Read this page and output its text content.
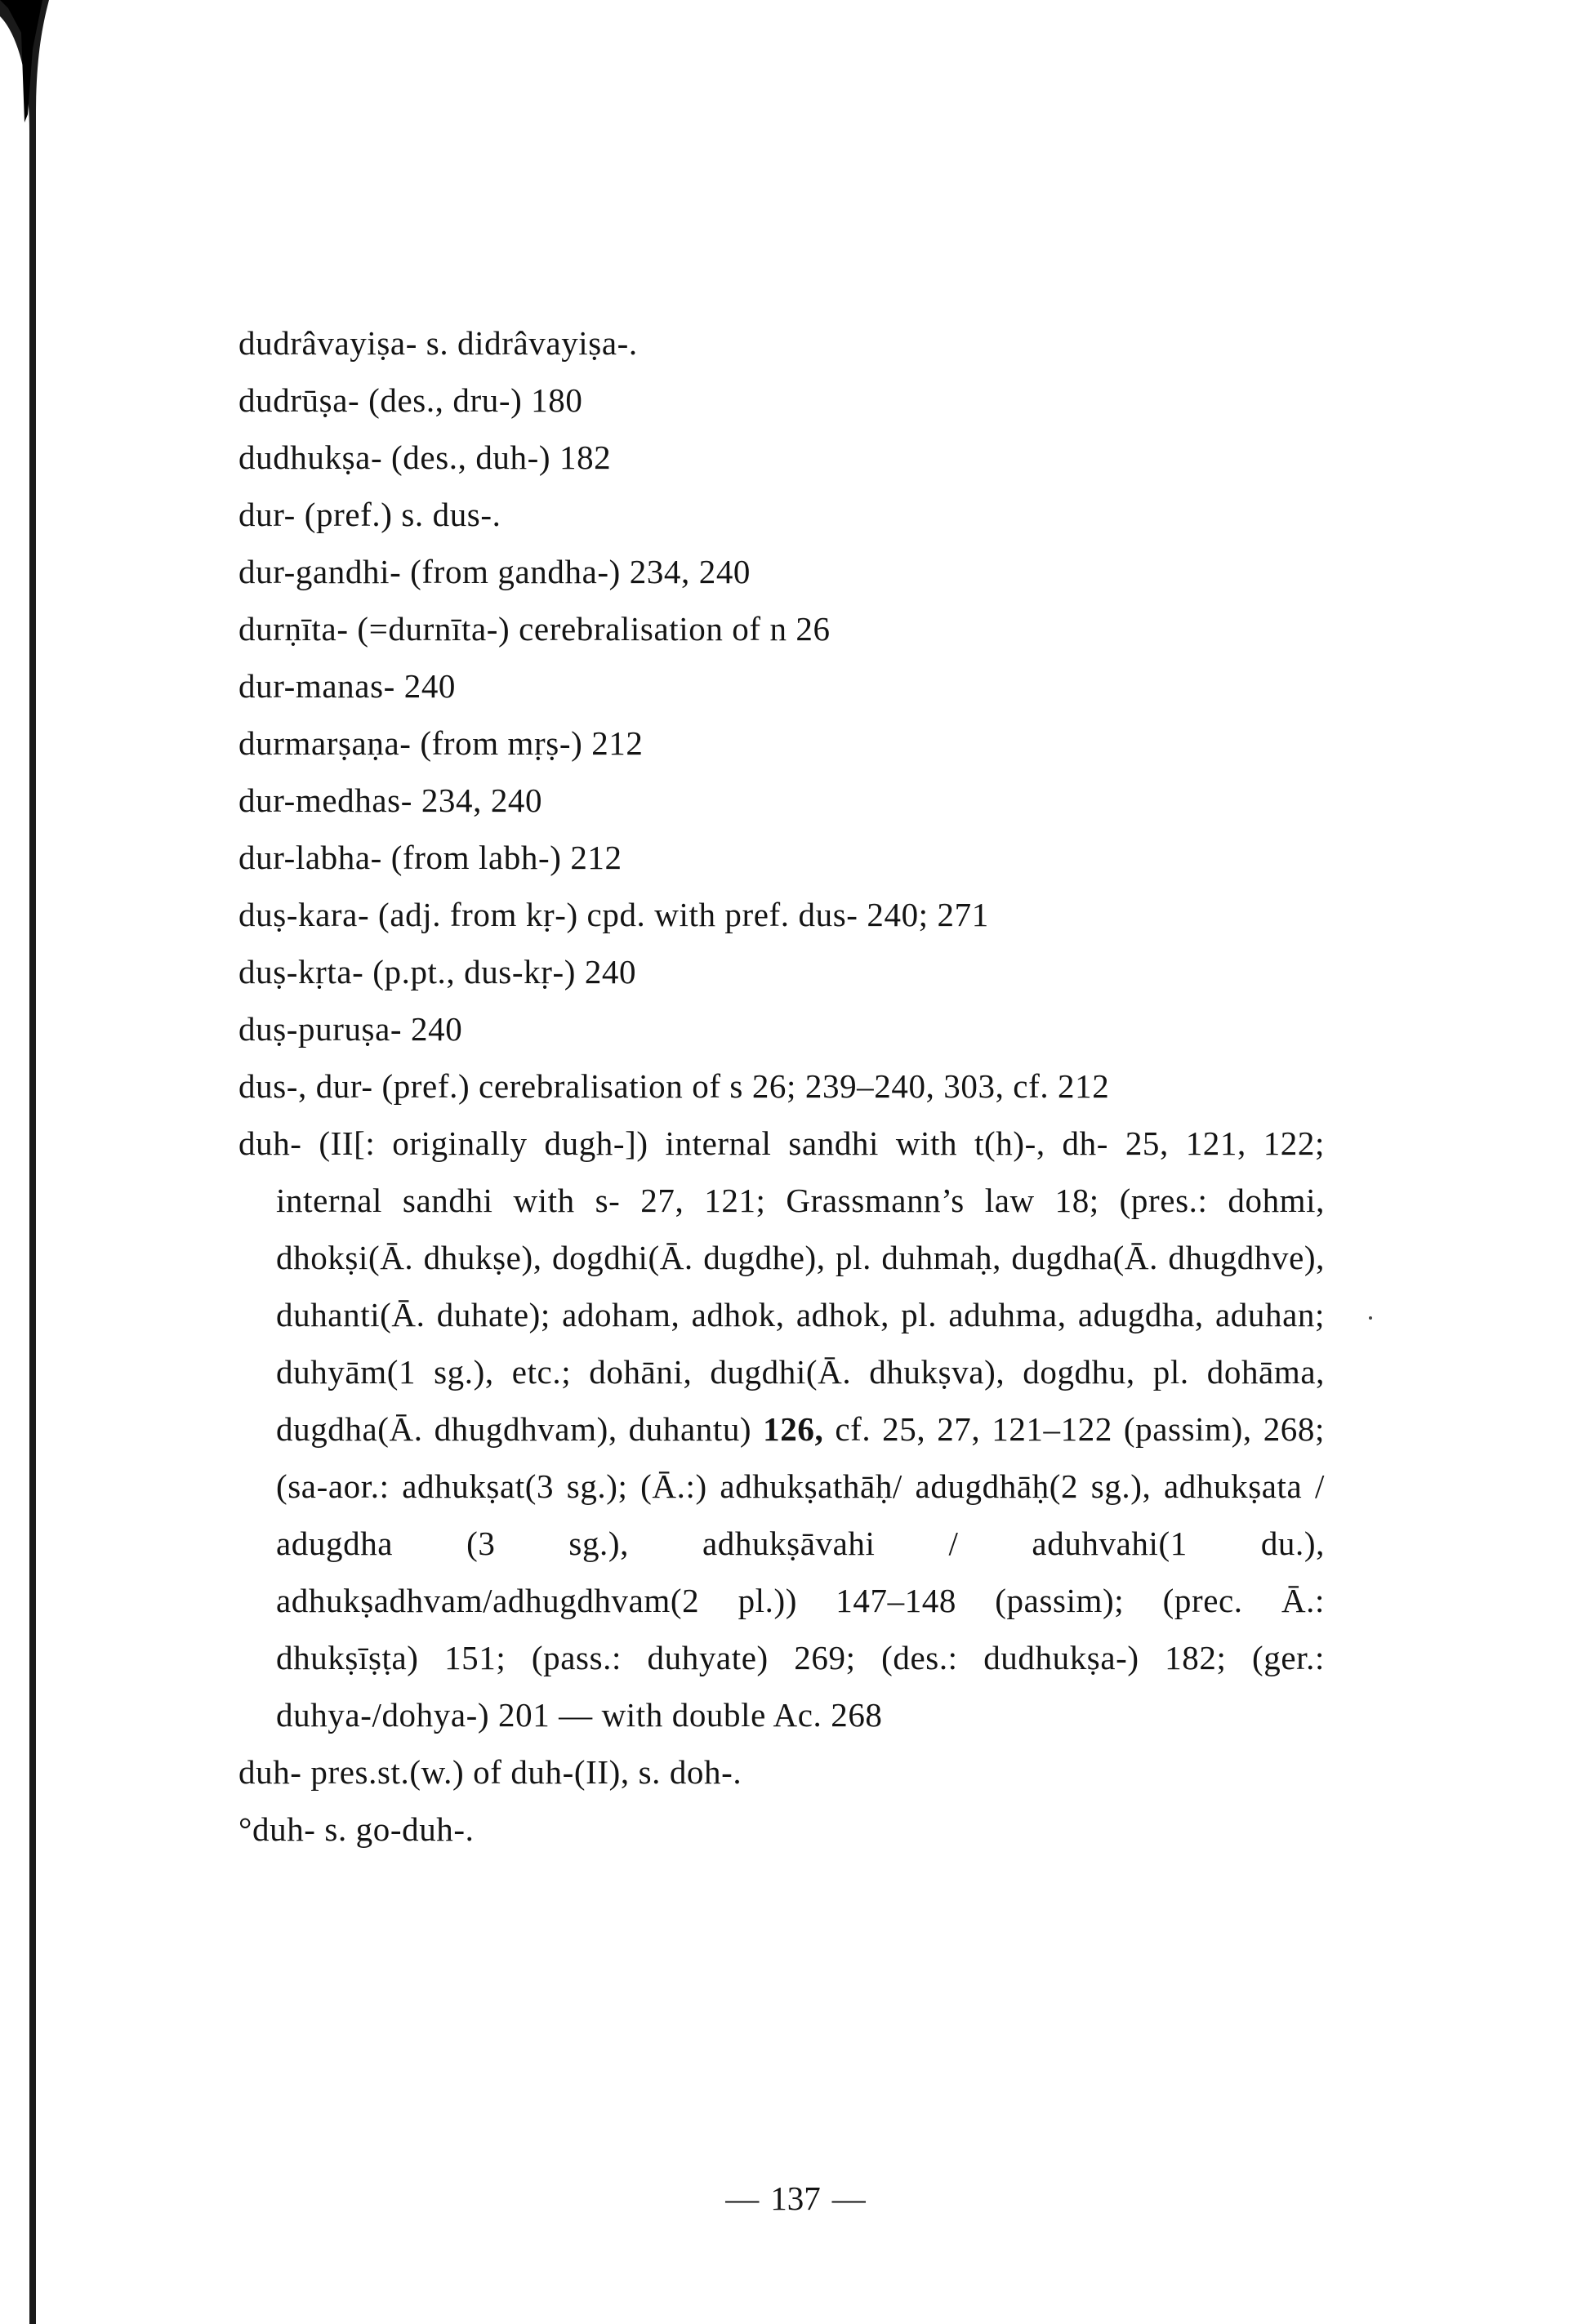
dudrâvayiṣa- s. didrâvayiṣa-.
dudrūṣa- (des., dru-) 180
dudhukṣa- (des., duh-) 182
dur- (pref.) s. dus-.
dur-gandhi- (from gandha-) 234, 240
durṇīta- (=durnīta-) cerebralisation of n 26
dur-manas- 240
durmarṣaṇa- (from mṛṣ-) 212
dur-medhas- 234, 240
dur-labha- (from labh-) 212
duṣ-kara- (adj. from kṛ-) cpd. with pref. dus- 240; 271
duṣ-kṛta- (p.pt., dus-kṛ-) 240
duṣ-puruṣa- 240
dus-, dur- (pref.) cerebralisation of s 26; 239–240, 303, cf. 212
duh- (II[: originally dugh-]) internal sandhi with t(h)-, dh- 25, 121, 122; internal sandhi with s- 27, 121; Grassmann’s law 18; (pres.: dohmi, dhokṣi(Ā. dhukṣe), dogdhi(Ā. dugdhe), pl. duhmaḥ, dugdha(Ā. dhugdhve), duhanti(Ā. duhate); adoham, adhok, adhok, pl. aduhma, adugdha, aduhan; duhyām(1 sg.), etc.; dohāni, dugdhi(Ā. dhukṣva), dogdhu, pl. dohāma, dugdha(Ā. dhugdhvam), duhantu) 126, cf. 25, 27, 121–122 (passim), 268; (sa-aor.: adhukṣat(3 sg.); (Ā.:) adhukṣathāḥ/ adugdhāḥ(2 sg.), adhukṣata / adugdha (3 sg.), adhukṣāvahi / aduhvahi(1 du.), adhukṣadhvam/adhugdhvam(2 pl.)) 147–148 (passim); (prec. Ā.: dhukṣīṣṭa) 151; (pass.: duhyate) 269; (des.: dudhukṣa-) 182; (ger.: duhya-/dohya-) 201 — with double Ac. 268
duh- pres.st.(w.) of duh-(II), s. doh-.
°duh- s. go-duh-.
— 137 —
